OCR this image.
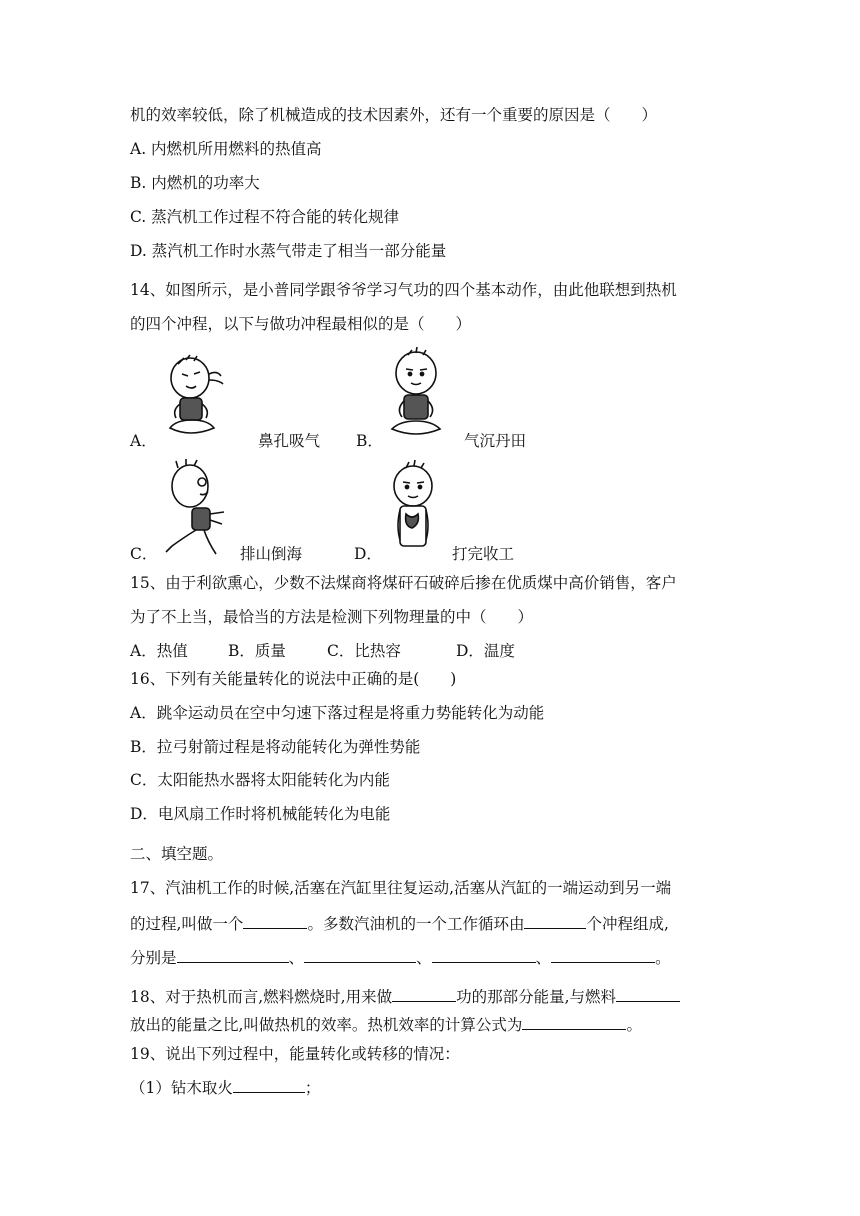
机的效率较低，除了机械造成的技术因素外，还有一个重要的原因是（　　）
A. 内燃机所用燃料的热值高
B. 内燃机的功率大
C. 蒸汽机工作过程不符合能的转化规律
D. 蒸汽机工作时水蒸气带走了相当一部分能量
14、如图所示，是小普同学跟爷爷学习气功的四个基本动作，由此他联想到热机
的四个冲程，以下与做功冲程最相似的是（　　）
A．	鼻孔吸气 B．	气沉丹田
C．	排山倒海	D．	打完收工
15、由于利欲熏心，少数不法煤商将煤矸石破碎后掺在优质煤中高价销售，客户
为了不上当，最恰当的方法是检测下列物理量的中（　　）
A．热值	B．质量	C．比热容	D．温度
16、下列有关能量转化的说法中正确的是(　　)
A．跳伞运动员在空中匀速下落过程是将重力势能转化为动能
B．拉弓射箭过程是将动能转化为弹性势能
C．太阳能热水器将太阳能转化为内能
D．电风扇工作时将机械能转化为电能
二、填空题。
17、汽油机工作的时候,活塞在汽缸里往复运动,活塞从汽缸的一端运动到另一端
的过程,叫做一个	。多数汽油机的一个工作循环由	个冲程组成,
分别是	、	、	、	。
18、对于热机而言,燃料燃烧时,用来做	功的那部分能量,与燃料
放出的能量之比,叫做热机的效率。热机效率的计算公式为	。
19、说出下列过程中，能量转化或转移的情况：
（1）钻木取火	；
